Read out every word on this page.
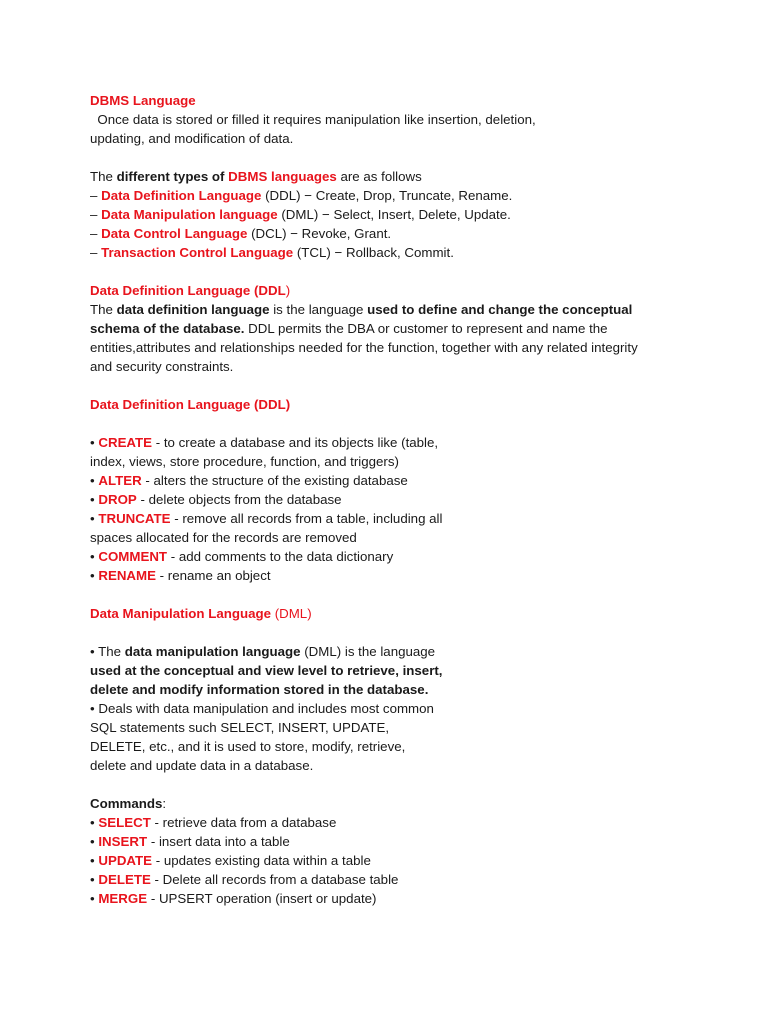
DBMS Language
Once data is stored or filled it requires manipulation like insertion, deletion,
updating, and modification of data.
The different types of DBMS languages are as follows
– Data Definition Language (DDL) − Create, Drop, Truncate, Rename.
– Data Manipulation language (DML) − Select, Insert, Delete, Update.
– Data Control Language (DCL) − Revoke, Grant.
– Transaction Control Language (TCL) − Rollback, Commit.
Data Definition Language (DDL)
The data definition language is the language used to define and change the conceptual
schema of the database. DDL permits the DBA or customer to represent and name the
entities,attributes and relationships needed for the function, together with any related integrity
and security constraints.
Data Definition Language (DDL)
• CREATE - to create a database and its objects like (table,
index, views, store procedure, function, and triggers)
• ALTER - alters the structure of the existing database
• DROP - delete objects from the database
• TRUNCATE - remove all records from a table, including all
spaces allocated for the records are removed
• COMMENT - add comments to the data dictionary
• RENAME - rename an object
Data Manipulation Language (DML)
• The data manipulation language (DML) is the language
used at the conceptual and view level to retrieve, insert,
delete and modify information stored in the database.
• Deals with data manipulation and includes most common
SQL statements such SELECT, INSERT, UPDATE,
DELETE, etc., and it is used to store, modify, retrieve,
delete and update data in a database.
Commands:
• SELECT - retrieve data from a database
• INSERT - insert data into a table
• UPDATE - updates existing data within a table
• DELETE - Delete all records from a database table
• MERGE - UPSERT operation (insert or update)
